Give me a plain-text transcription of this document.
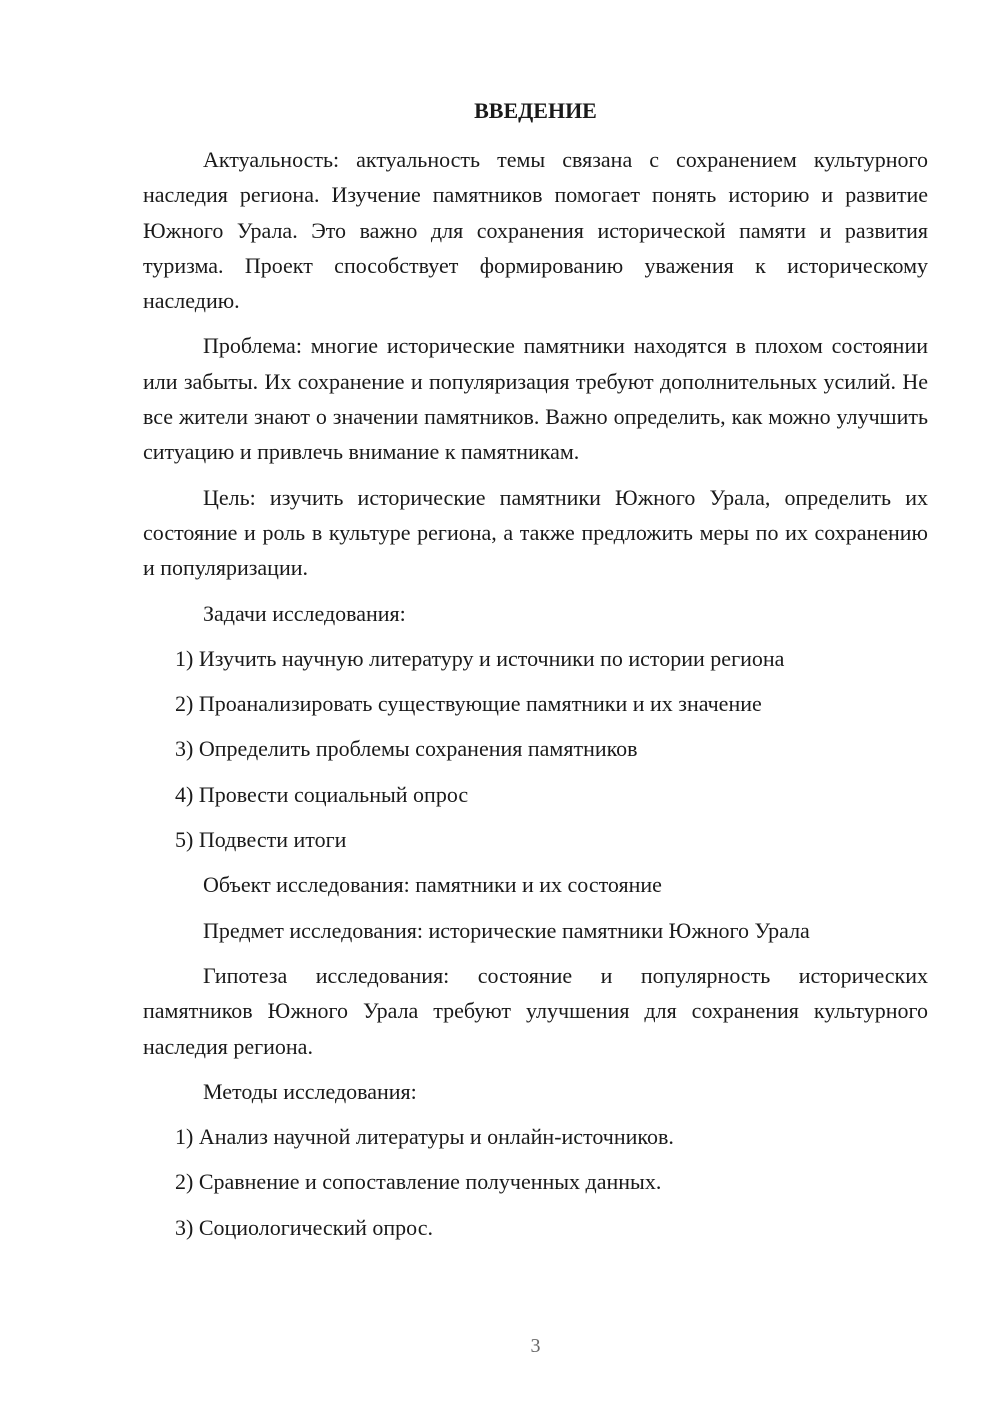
ВВЕДЕНИЕ

Актуальность: актуальность темы связана с сохранением культурного наследия региона. Изучение памятников помогает понять историю и развитие Южного Урала. Это важно для сохранения исторической памяти и развития туризма. Проект способствует формированию уважения к историческому наследию.

Проблема: многие исторические памятники находятся в плохом состоянии или забыты. Их сохранение и популяризация требуют дополнительных усилий. Не все жители знают о значении памятников. Важно определить, как можно улучшить ситуацию и привлечь внимание к памятникам.

Цель: изучить исторические памятники Южного Урала, определить их состояние и роль в культуре региона, а также предложить меры по их сохранению и популяризации.

Задачи исследования:

1) Изучить научную литературу и источники по истории региона

2) Проанализировать существующие памятники и их значение

3) Определить проблемы сохранения памятников

4) Провести социальный опрос

5) Подвести итоги

Объект исследования: памятники и их состояние

Предмет исследования: исторические памятники Южного Урала

Гипотеза исследования: состояние и популярность исторических памятников Южного Урала требуют улучшения для сохранения культурного наследия региона.

Методы исследования:

1) Анализ научной литературы и онлайн-источников.

2) Сравнение и сопоставление полученных данных.

3) Социологический опрос.

3
